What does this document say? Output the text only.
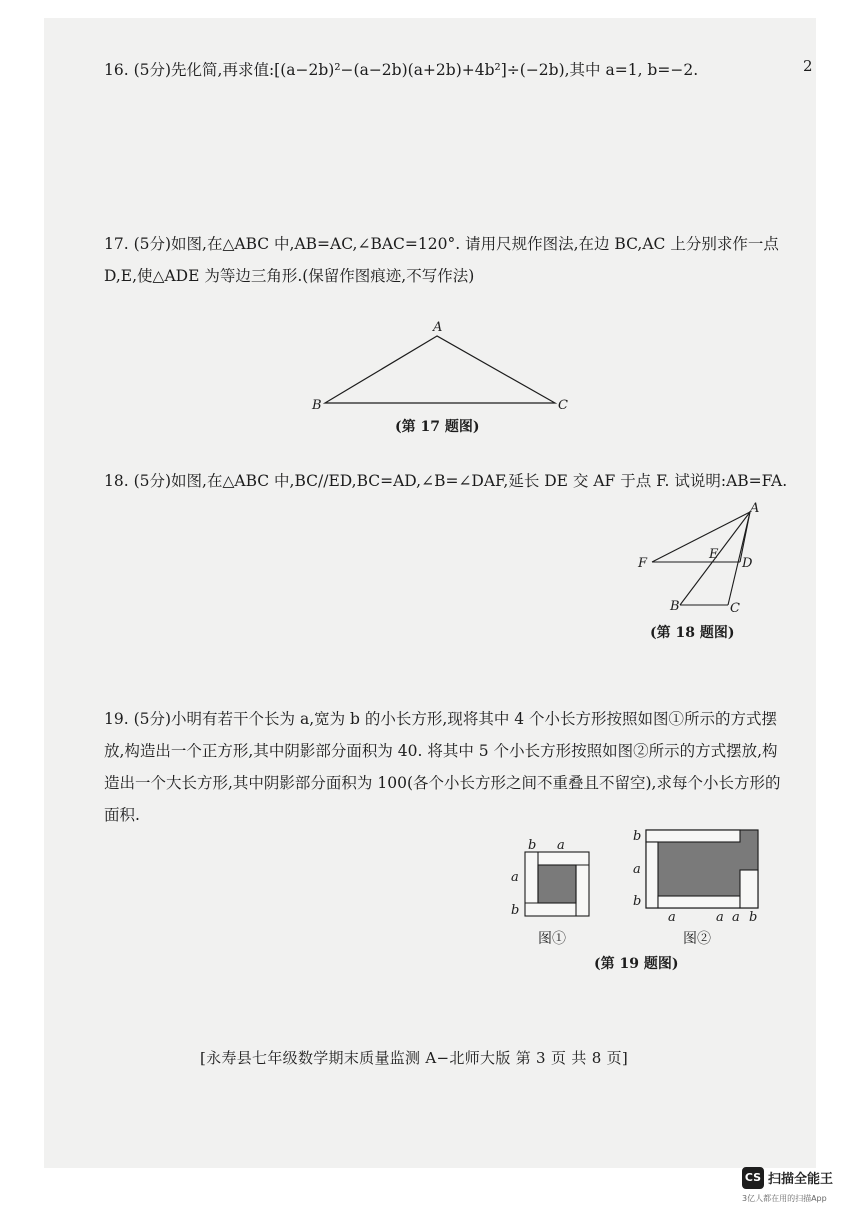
2
16. (5分)先化简,再求值:[(a−2b)²−(a−2b)(a+2b)+4b²]÷(−2b),其中 a=1, b=−2.
17. (5分)如图,在△ABC 中,AB=AC,∠BAC=120°. 请用尺规作图法,在边 BC,AC 上分别求作一点 D,E,使△ADE 为等边三角形.(保留作图痕迹,不写作法)
A
B	C
(第 17 题图)
18. (5分)如图,在△ABC 中,BC//ED,BC=AD,∠B=∠DAF,延长 DE 交 AF 于点 F. 试说明:AB=FA.
A
F
E
D
B	C
(第 18 题图)
19. (5分)小明有若干个长为 a,宽为 b 的小长方形,现将其中 4 个小长方形按照如图①所示的方式摆放,构造出一个正方形,其中阴影部分面积为 40. 将其中 5 个小长方形按照如图②所示的方式摆放,构造出一个大长方形,其中阴影部分面积为 100(各个小长方形之间不重叠且不留空),求每个小长方形的面积.
b a
a
b
图①
b
a
b
a	a a b
图②
(第 19 题图)
[永寿县七年级数学期末质量监测 A−北师大版 第 3 页 共 8 页]
CS 扫描全能王
3亿人都在用的扫描App
